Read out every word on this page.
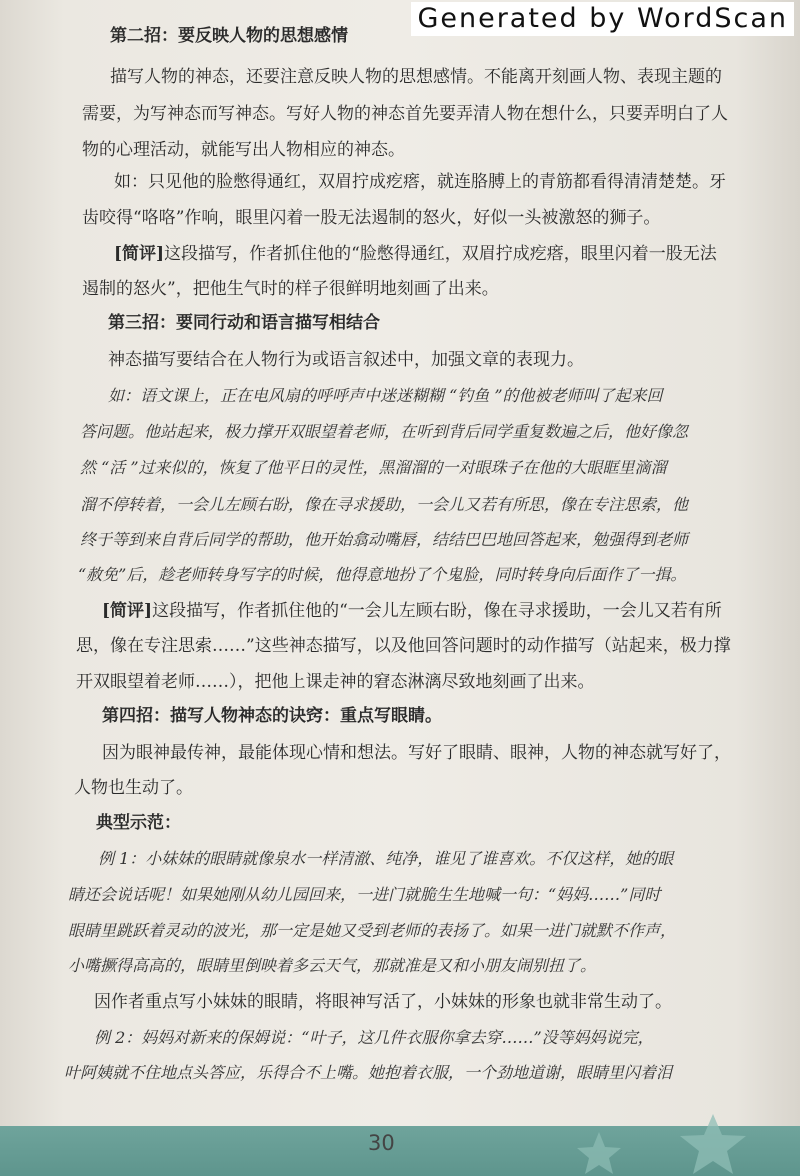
Generated by WordScan
第二招：要反映人物的思想感情
描写人物的神态，还要注意反映人物的思想感情。不能离开刻画人物、表现主题的
需要，为写神态而写神态。写好人物的神态首先要弄清人物在想什么，只要弄明白了人
物的心理活动，就能写出人物相应的神态。
如：只见他的脸憋得通红，双眉拧成疙瘩，就连胳膊上的青筋都看得清清楚楚。牙
齿咬得“咯咯”作响，眼里闪着一股无法遏制的怒火，好似一头被激怒的狮子。
[简评]这段描写，作者抓住他的“脸憋得通红，双眉拧成疙瘩，眼里闪着一股无法
遏制的怒火”，把他生气时的样子很鲜明地刻画了出来。
第三招：要同行动和语言描写相结合
神态描写要结合在人物行为或语言叙述中，加强文章的表现力。
如：语文课上，正在电风扇的呼呼声中迷迷糊糊 “钓鱼 ”的他被老师叫了起来回
答问题。他站起来，极力撑开双眼望着老师，在听到背后同学重复数遍之后，他好像忽
然 “活 ”过来似的，恢复了他平日的灵性，黑溜溜的一对眼珠子在他的大眼眶里滴溜
溜不停转着，一会儿左顾右盼，像在寻求援助，一会儿又若有所思，像在专注思索，他
终于等到来自背后同学的帮助，他开始翕动嘴唇，结结巴巴地回答起来，勉强得到老师
“赦免”后，趁老师转身写字的时候，他得意地扮了个鬼脸，同时转身向后面作了一揖。
[简评]这段描写，作者抓住他的“一会儿左顾右盼，像在寻求援助，一会儿又若有所
思，像在专注思索……”这些神态描写，以及他回答问题时的动作描写（站起来，极力撑
开双眼望着老师……），把他上课走神的窘态淋漓尽致地刻画了出来。
第四招：描写人物神态的诀窍：重点写眼睛。
因为眼神最传神，最能体现心情和想法。写好了眼睛、眼神，人物的神态就写好了，
人物也生动了。
典型示范：
例 1：小妹妹的眼睛就像泉水一样清澈、纯净，谁见了谁喜欢。不仅这样，她的眼
睛还会说话呢！如果她刚从幼儿园回来，一进门就脆生生地喊一句：“妈妈……”同时
眼睛里跳跃着灵动的波光，那一定是她又受到老师的表扬了。如果一进门就默不作声，
小嘴撅得高高的，眼睛里倒映着多云天气，那就准是又和小朋友闹别扭了。
因作者重点写小妹妹的眼睛，将眼神写活了，小妹妹的形象也就非常生动了。
例 2：妈妈对新来的保姆说：“叶子，这几件衣服你拿去穿……”没等妈妈说完，
叶阿姨就不住地点头答应，乐得合不上嘴。她抱着衣服，一个劲地道谢，眼睛里闪着泪
30
